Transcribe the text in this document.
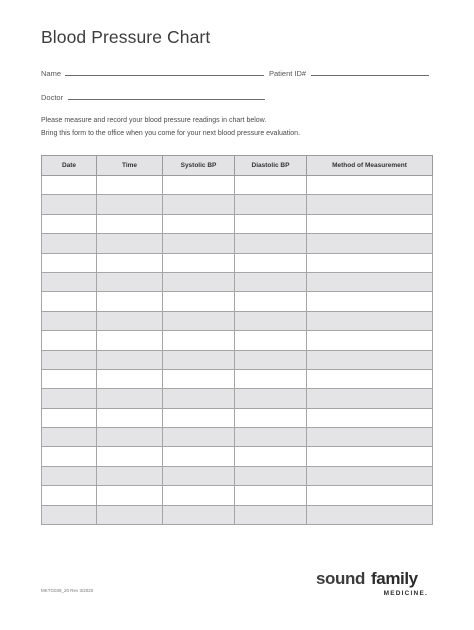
Blood Pressure Chart
Name	Patient ID#
Doctor
Please measure and record your blood pressure readings in chart below.
Bring this form to the office when you come for your next blood pressure evaluation.
Date	Time	Systolic BP	Diastolic BP	Method of Measurement

MKTG039_20 Rev 3/2020
sound family
MEDICINE.
